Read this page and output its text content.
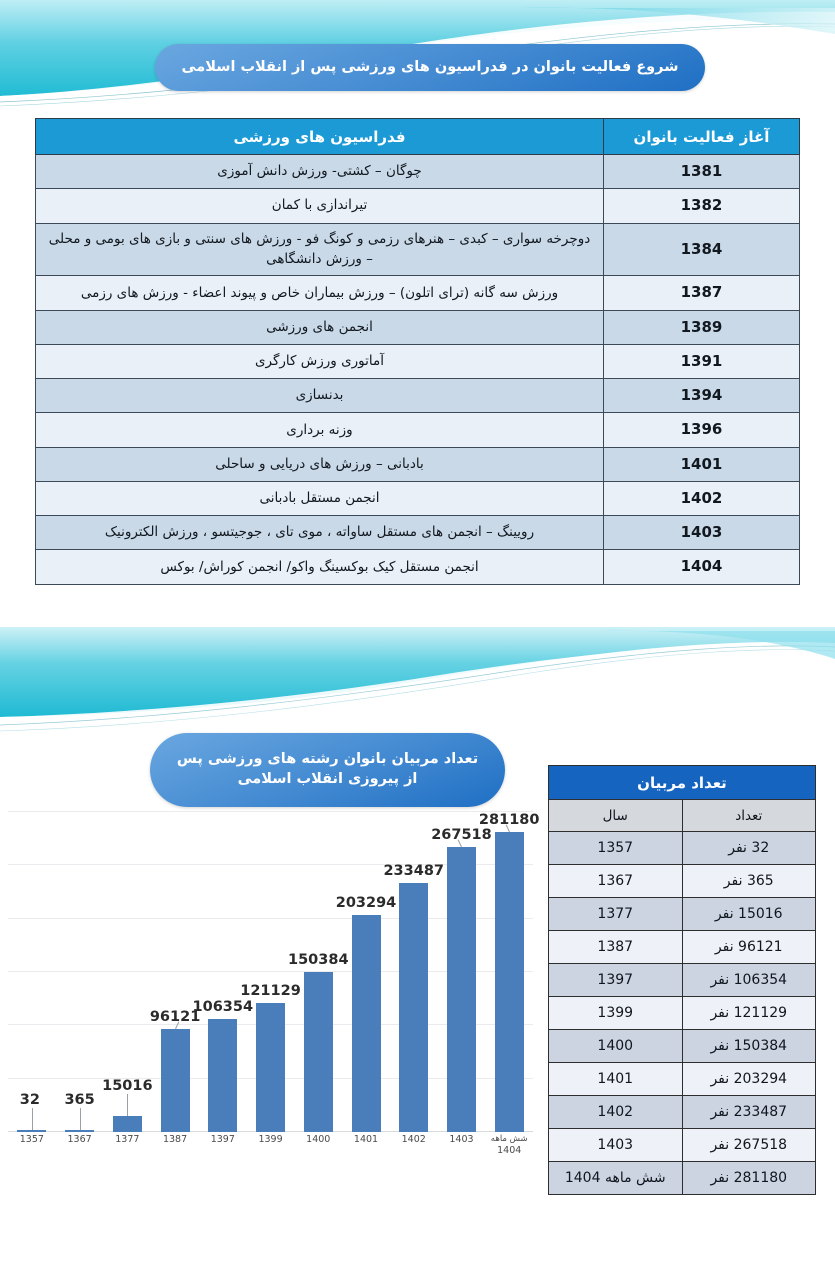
شروع فعالیت بانوان در فدراسیون های ورزشی پس از انقلاب اسلامی
آغاز فعالیت بانوان	فدراسیون های ورزشی
1381	چوگان – کشتی- ورزش دانش آموزی
1382	تیراندازی با کمان
1384	دوچرخه سواری – کبدی – هنرهای رزمی و کونگ فو - ورزش های سنتی و بازی های بومی و محلی – ورزش دانشگاهی
1387	ورزش سه گانه (ترای اتلون) – ورزش بیماران خاص و پیوند اعضاء - ورزش های رزمی
1389	انجمن های ورزشی
1391	آماتوری ورزش کارگری
1394	بدنسازی
1396	وزنه برداری
1401	بادبانی – ورزش های دریایی و ساحلی
1402	انجمن مستقل بادبانی
1403	رویینگ – انجمن های مستقل ساواته ، موی تای ، جوجیتسو ، ورزش الکترونیک
1404	انجمن مستقل کیک بوکسینگ واکو/ انجمن کوراش/ بوکس
تعداد مربیان بانوان رشته های ورزشی پس از پیروزی انقلاب اسلامی
32 365
15016
96121
106354
121129
150384
203294
233487
267518
281180
1357	1367	1377	1387	1397	1399	1400	1401	1402	1403	شش ماهه
1404
تعداد مربیان	
تعداد	سال
32 نفر	1357
365 نفر	1367
15016 نفر	1377
96121 نفر	1387
106354 نفر	1397
121129 نفر	1399
150384 نفر	1400
203294 نفر	1401
233487 نفر	1402
267518 نفر	1403
281180 نفر	شش ماهه 1404
